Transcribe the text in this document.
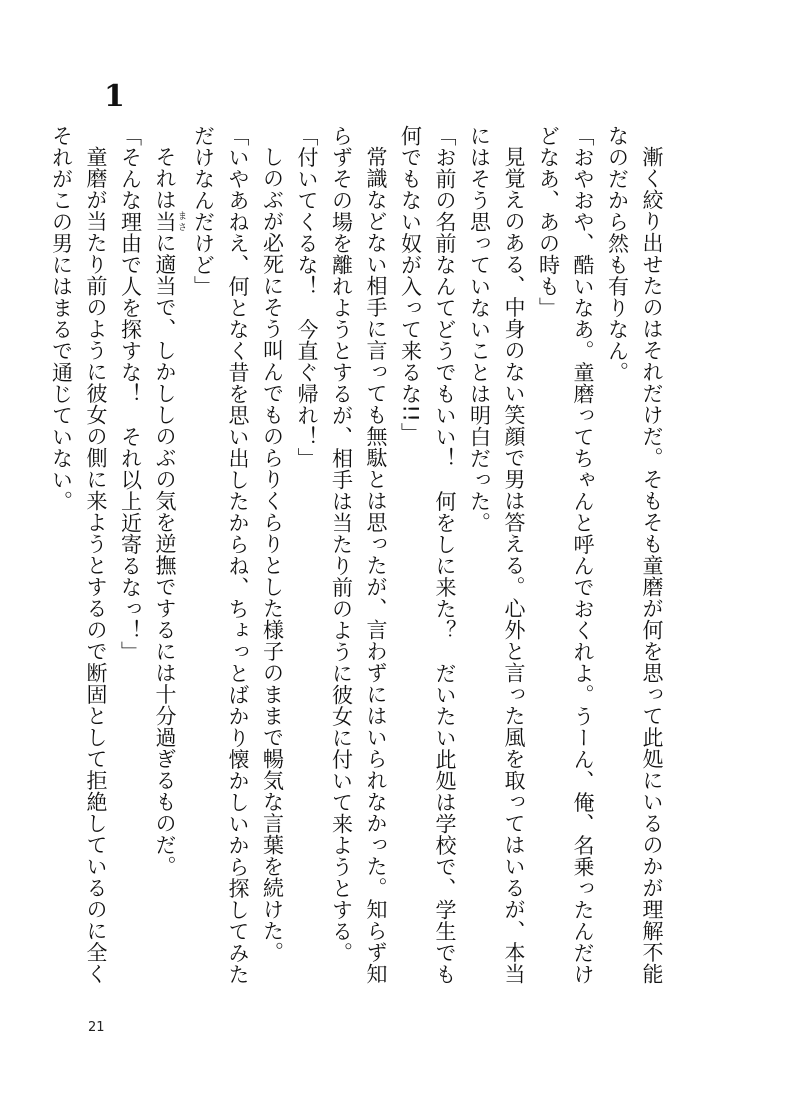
1
漸く絞り出せたのはそれだけだ。そもそも童磨が何を思って此処にいるのかが理解不能
なのだから然も有りなん。
「おやおや、酷いなあ。童磨ってちゃんと呼んでおくれよ。うーん、俺、名乗ったんだけ
どなあ、あの時も」
見覚えのある、中身のない笑顔で男は答える。心外と言った風を取ってはいるが、本当
にはそう思っていないことは明白だった。
「お前の名前なんてどうでもいい！　何をしに来た？　だいたい此処は学校で、学生でも
何でもない奴が入って来るな!!」
常識などない相手に言っても無駄とは思ったが、言わずにはいられなかった。知らず知
らずその場を離れようとするが、相手は当たり前のように彼女に付いて来ようとする。
「付いてくるな！　今直ぐ帰れ！」
しのぶが必死にそう叫んでものらりくらりとした様子のままで暢気な言葉を続けた。
「いやあねえ、何となく昔を思い出したからね、ちょっとばかり懐かしいから探してみた
だけなんだけど」
それは当 まさに適当で、しかししのぶの気を逆撫でするには十分過ぎるものだ。
「そんな理由で人を探すな！　それ以上近寄るなっ！」
童磨が当たり前のように彼女の側に来ようとするので断固として拒絶しているのに全く
それがこの男にはまるで通じていない。
21
